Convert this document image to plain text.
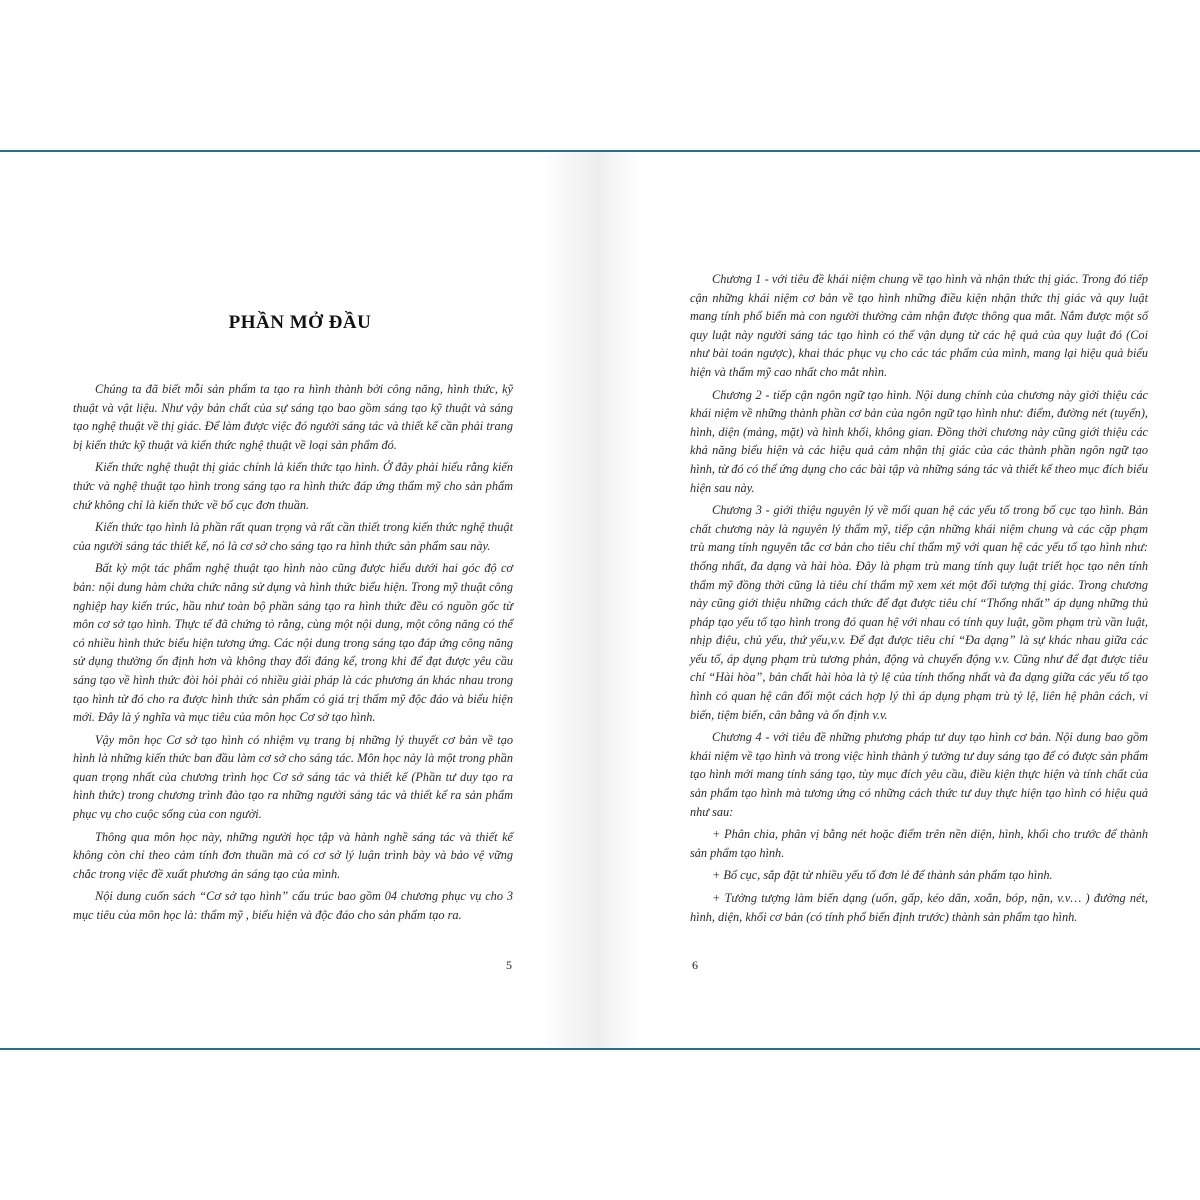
PHẦN MỞ ĐẦU

Chúng ta đã biết mỗi sản phẩm ta tạo ra hình thành bởi công năng, hình thức, kỹ thuật và vật liệu. Như vậy bản chất của sự sáng tạo bao gồm sáng tạo kỹ thuật và sáng tạo nghệ thuật về thị giác. Để làm được việc đó người sáng tác và thiết kế cần phải trang bị kiến thức kỹ thuật và kiến thức nghệ thuật về loại sản phẩm đó.

Kiến thức nghệ thuật thị giác chính là kiến thức tạo hình. Ở đây phải hiểu rằng kiến thức và nghệ thuật tạo hình trong sáng tạo ra hình thức đáp ứng thẩm mỹ cho sản phẩm chứ không chỉ là kiến thức về bố cục đơn thuần.

Kiến thức tạo hình là phần rất quan trọng và rất cần thiết trong kiến thức nghệ thuật của người sáng tác thiết kế, nó là cơ sở cho sáng tạo ra hình thức sản phẩm sau này.

Bất kỳ một tác phẩm nghệ thuật tạo hình nào cũng được hiểu dưới hai góc độ cơ bản: nội dung hàm chứa chức năng sử dụng và hình thức biểu hiện. Trong mỹ thuật công nghiệp hay kiến trúc, hầu như toàn bộ phần sáng tạo ra hình thức đều có nguồn gốc từ môn cơ sở tạo hình. Thực tế đã chứng tỏ rằng, cùng một nội dung, một công năng có thể có nhiều hình thức biểu hiện tương ứng. Các nội dung trong sáng tạo đáp ứng công năng sử dụng thường ổn định hơn và không thay đổi đáng kể, trong khi để đạt được yêu cầu sáng tạo về hình thức đòi hỏi phải có nhiều giải pháp là các phương án khác nhau trong tạo hình từ đó cho ra được hình thức sản phẩm có giá trị thẩm mỹ độc đáo và biểu hiện mới. Đây là ý nghĩa và mục tiêu của môn học Cơ sở tạo hình.

Vậy môn học Cơ sở tạo hình có nhiệm vụ trang bị những lý thuyết cơ bản về tạo hình là những kiến thức ban đầu làm cơ sở cho sáng tác. Môn học này là một trong phần quan trọng nhất của chương trình học Cơ sở sáng tác và thiết kế (Phần tư duy tạo ra hình thức) trong chương trình đào tạo ra những người sáng tác và thiết kế ra sản phẩm phục vụ cho cuộc sống của con người.

Thông qua môn học này, những người học tập và hành nghề sáng tác và thiết kế không còn chỉ theo cảm tính đơn thuần mà có cơ sở lý luận trình bày và bảo vệ vững chắc trong việc đề xuất phương án sáng tạo của mình.

Nội dung cuốn sách “Cơ sở tạo hình” cấu trúc bao gồm 04 chương phục vụ cho 3 mục tiêu của môn học là: thẩm mỹ , biểu hiện và độc đáo cho sản phẩm tạo ra.

5

Chương 1 - với tiêu đề khái niệm chung về tạo hình và nhận thức thị giác. Trong đó tiếp cận những khái niệm cơ bản về tạo hình những điều kiện nhận thức thị giác và quy luật mang tính phổ biến mà con người thường cảm nhận được thông qua mắt. Nắm được một số quy luật này người sáng tác tạo hình có thể vận dụng từ các hệ quả của quy luật đó (Coi như bài toán ngược), khai thác phục vụ cho các tác phẩm của mình, mang lại hiệu quả biểu hiện và thẩm mỹ cao nhất cho mắt nhìn.

Chương 2 - tiếp cận ngôn ngữ tạo hình. Nội dung chính của chương này giới thiệu các khái niệm về những thành phần cơ bản của ngôn ngữ tạo hình như: điểm, đường nét (tuyến), hình, diện (mảng, mặt) và hình khối, không gian. Đồng thời chương này cũng giới thiệu các khả năng biểu hiện và các hiệu quả cảm nhận thị giác của các thành phần ngôn ngữ tạo hình, từ đó có thể ứng dụng cho các bài tập và những sáng tác và thiết kế theo mục đích biểu hiện sau này.

Chương 3 - giới thiệu nguyên lý về mối quan hệ các yếu tố trong bố cục tạo hình. Bản chất chương này là nguyên lý thẩm mỹ, tiếp cận những khái niệm chung và các cặp phạm trù mang tính nguyên tắc cơ bản cho tiêu chí thẩm mỹ với quan hệ các yếu tố tạo hình như: thống nhất, đa dạng và hài hòa. Đây là phạm trù mang tính quy luật triết học tạo nên tính thẩm mỹ đồng thời cũng là tiêu chí thẩm mỹ xem xét một đối tượng thị giác. Trong chương này cũng giới thiệu những cách thức để đạt được tiêu chí “Thống nhất” áp dụng những thủ pháp tạo yếu tố tạo hình trong đó quan hệ với nhau có tính quy luật, gồm phạm trù vần luật, nhịp điệu, chủ yếu, thứ yếu,v.v. Để đạt được tiêu chí “Đa dạng” là sự khác nhau giữa các yếu tố, áp dụng phạm trù tương phản, động và chuyển động v.v. Cũng như để đạt được tiêu chí “Hài hòa”, bản chất hài hòa là tỷ lệ của tính thống nhất và đa dạng giữa các yếu tố tạo hình có quan hệ cân đối một cách hợp lý thì áp dụng phạm trù tỷ lệ, liên hệ phân cách, vi biến, tiệm biến, cân bằng và ổn định v.v.

Chương 4 - với tiêu đề những phương pháp tư duy tạo hình cơ bản. Nội dung bao gồm khái niệm về tạo hình và trong việc hình thành ý tưởng tư duy sáng tạo để có được sản phẩm tạo hình mới mang tính sáng tạo, tùy mục đích yêu cầu, điều kiện thực hiện và tính chất của sản phẩm tạo hình mà tương ứng có những cách thức tư duy thực hiện tạo hình có hiệu quả như sau:

+ Phân chia, phân vị bằng nét hoặc điểm trên nền diện, hình, khối cho trước để thành sản phẩm tạo hình.

+ Bố cục, sắp đặt từ nhiều yếu tố đơn lẻ để thành sản phẩm tạo hình.

+ Tưởng tượng làm biến dạng (uốn, gấp, kéo dãn, xoắn, bóp, nặn, v.v… ) đường nét, hình, diện, khối cơ bản (có tính phổ biến định trước) thành sản phẩm tạo hình.

6
